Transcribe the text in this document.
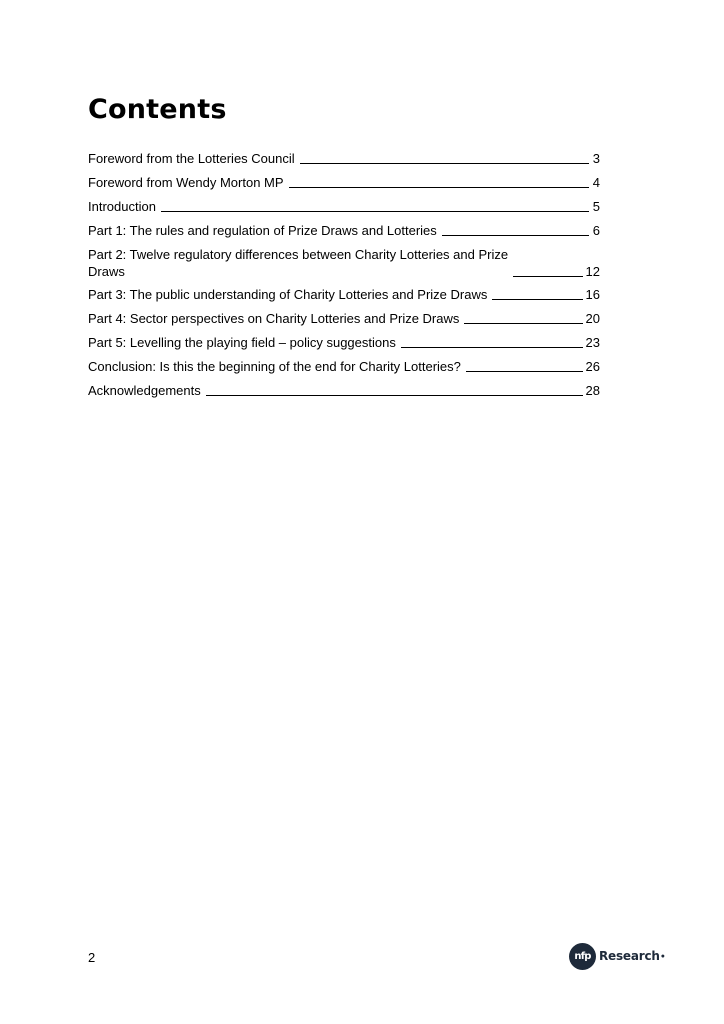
Contents
Foreword from the Lotteries Council	3
Foreword from Wendy Morton MP	4
Introduction	5
Part 1: The rules and regulation of Prize Draws and Lotteries	6
Part 2: Twelve regulatory differences between Charity Lotteries and Prize
Draws	12
Part 3: The public understanding of Charity Lotteries and Prize Draws	16
Part 4: Sector perspectives on Charity Lotteries and Prize Draws	20
Part 5: Levelling the playing field – policy suggestions	23
Conclusion: Is this the beginning of the end for Charity Lotteries?	26
Acknowledgements	28
2	nfp Research ●
